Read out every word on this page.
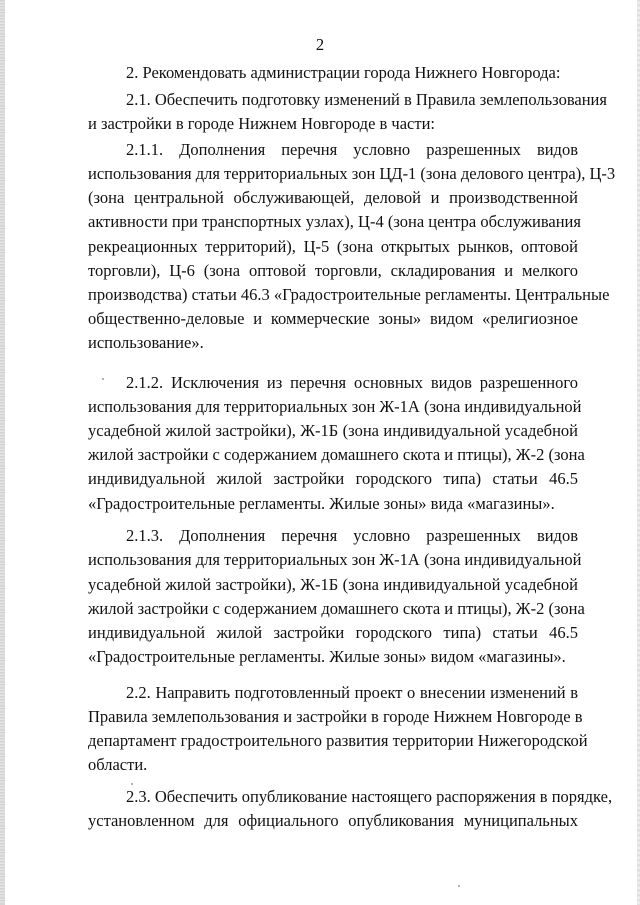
2
2. Рекомендовать администрации города Нижнего Новгорода:
2.1. Обеспечить подготовку изменений в Правила землепользования
и застройки в городе Нижнем Новгороде в части:
2.1.1. Дополнения перечня условно разрешенных видов
использования для территориальных зон ЦД-1 (зона делового центра), Ц-3
(зона центральной обслуживающей, деловой и производственной
активности при транспортных узлах), Ц-4 (зона центра обслуживания
рекреационных территорий), Ц-5 (зона открытых рынков, оптовой
торговли), Ц-6 (зона оптовой торговли, складирования и мелкого
производства) статьи 46.3 «Градостроительные регламенты. Центральные
общественно-деловые и коммерческие зоны» видом «религиозное
использование».
2.1.2. Исключения из перечня основных видов разрешенного
использования для территориальных зон Ж-1А (зона индивидуальной
усадебной жилой застройки), Ж-1Б (зона индивидуальной усадебной
жилой застройки с содержанием домашнего скота и птицы), Ж-2 (зона
индивидуальной жилой застройки городского типа) статьи 46.5
«Градостроительные регламенты. Жилые зоны» вида «магазины».
2.1.3. Дополнения перечня условно разрешенных видов
использования для территориальных зон Ж-1А (зона индивидуальной
усадебной жилой застройки), Ж-1Б (зона индивидуальной усадебной
жилой застройки с содержанием домашнего скота и птицы), Ж-2 (зона
индивидуальной жилой застройки городского типа) статьи 46.5
«Градостроительные регламенты. Жилые зоны» видом «магазины».
2.2. Направить подготовленный проект о внесении изменений в
Правила землепользования и застройки в городе Нижнем Новгороде в
департамент градостроительного развития территории Нижегородской
области.
2.3. Обеспечить опубликование настоящего распоряжения в порядке,
установленном для официального опубликования муниципальных
